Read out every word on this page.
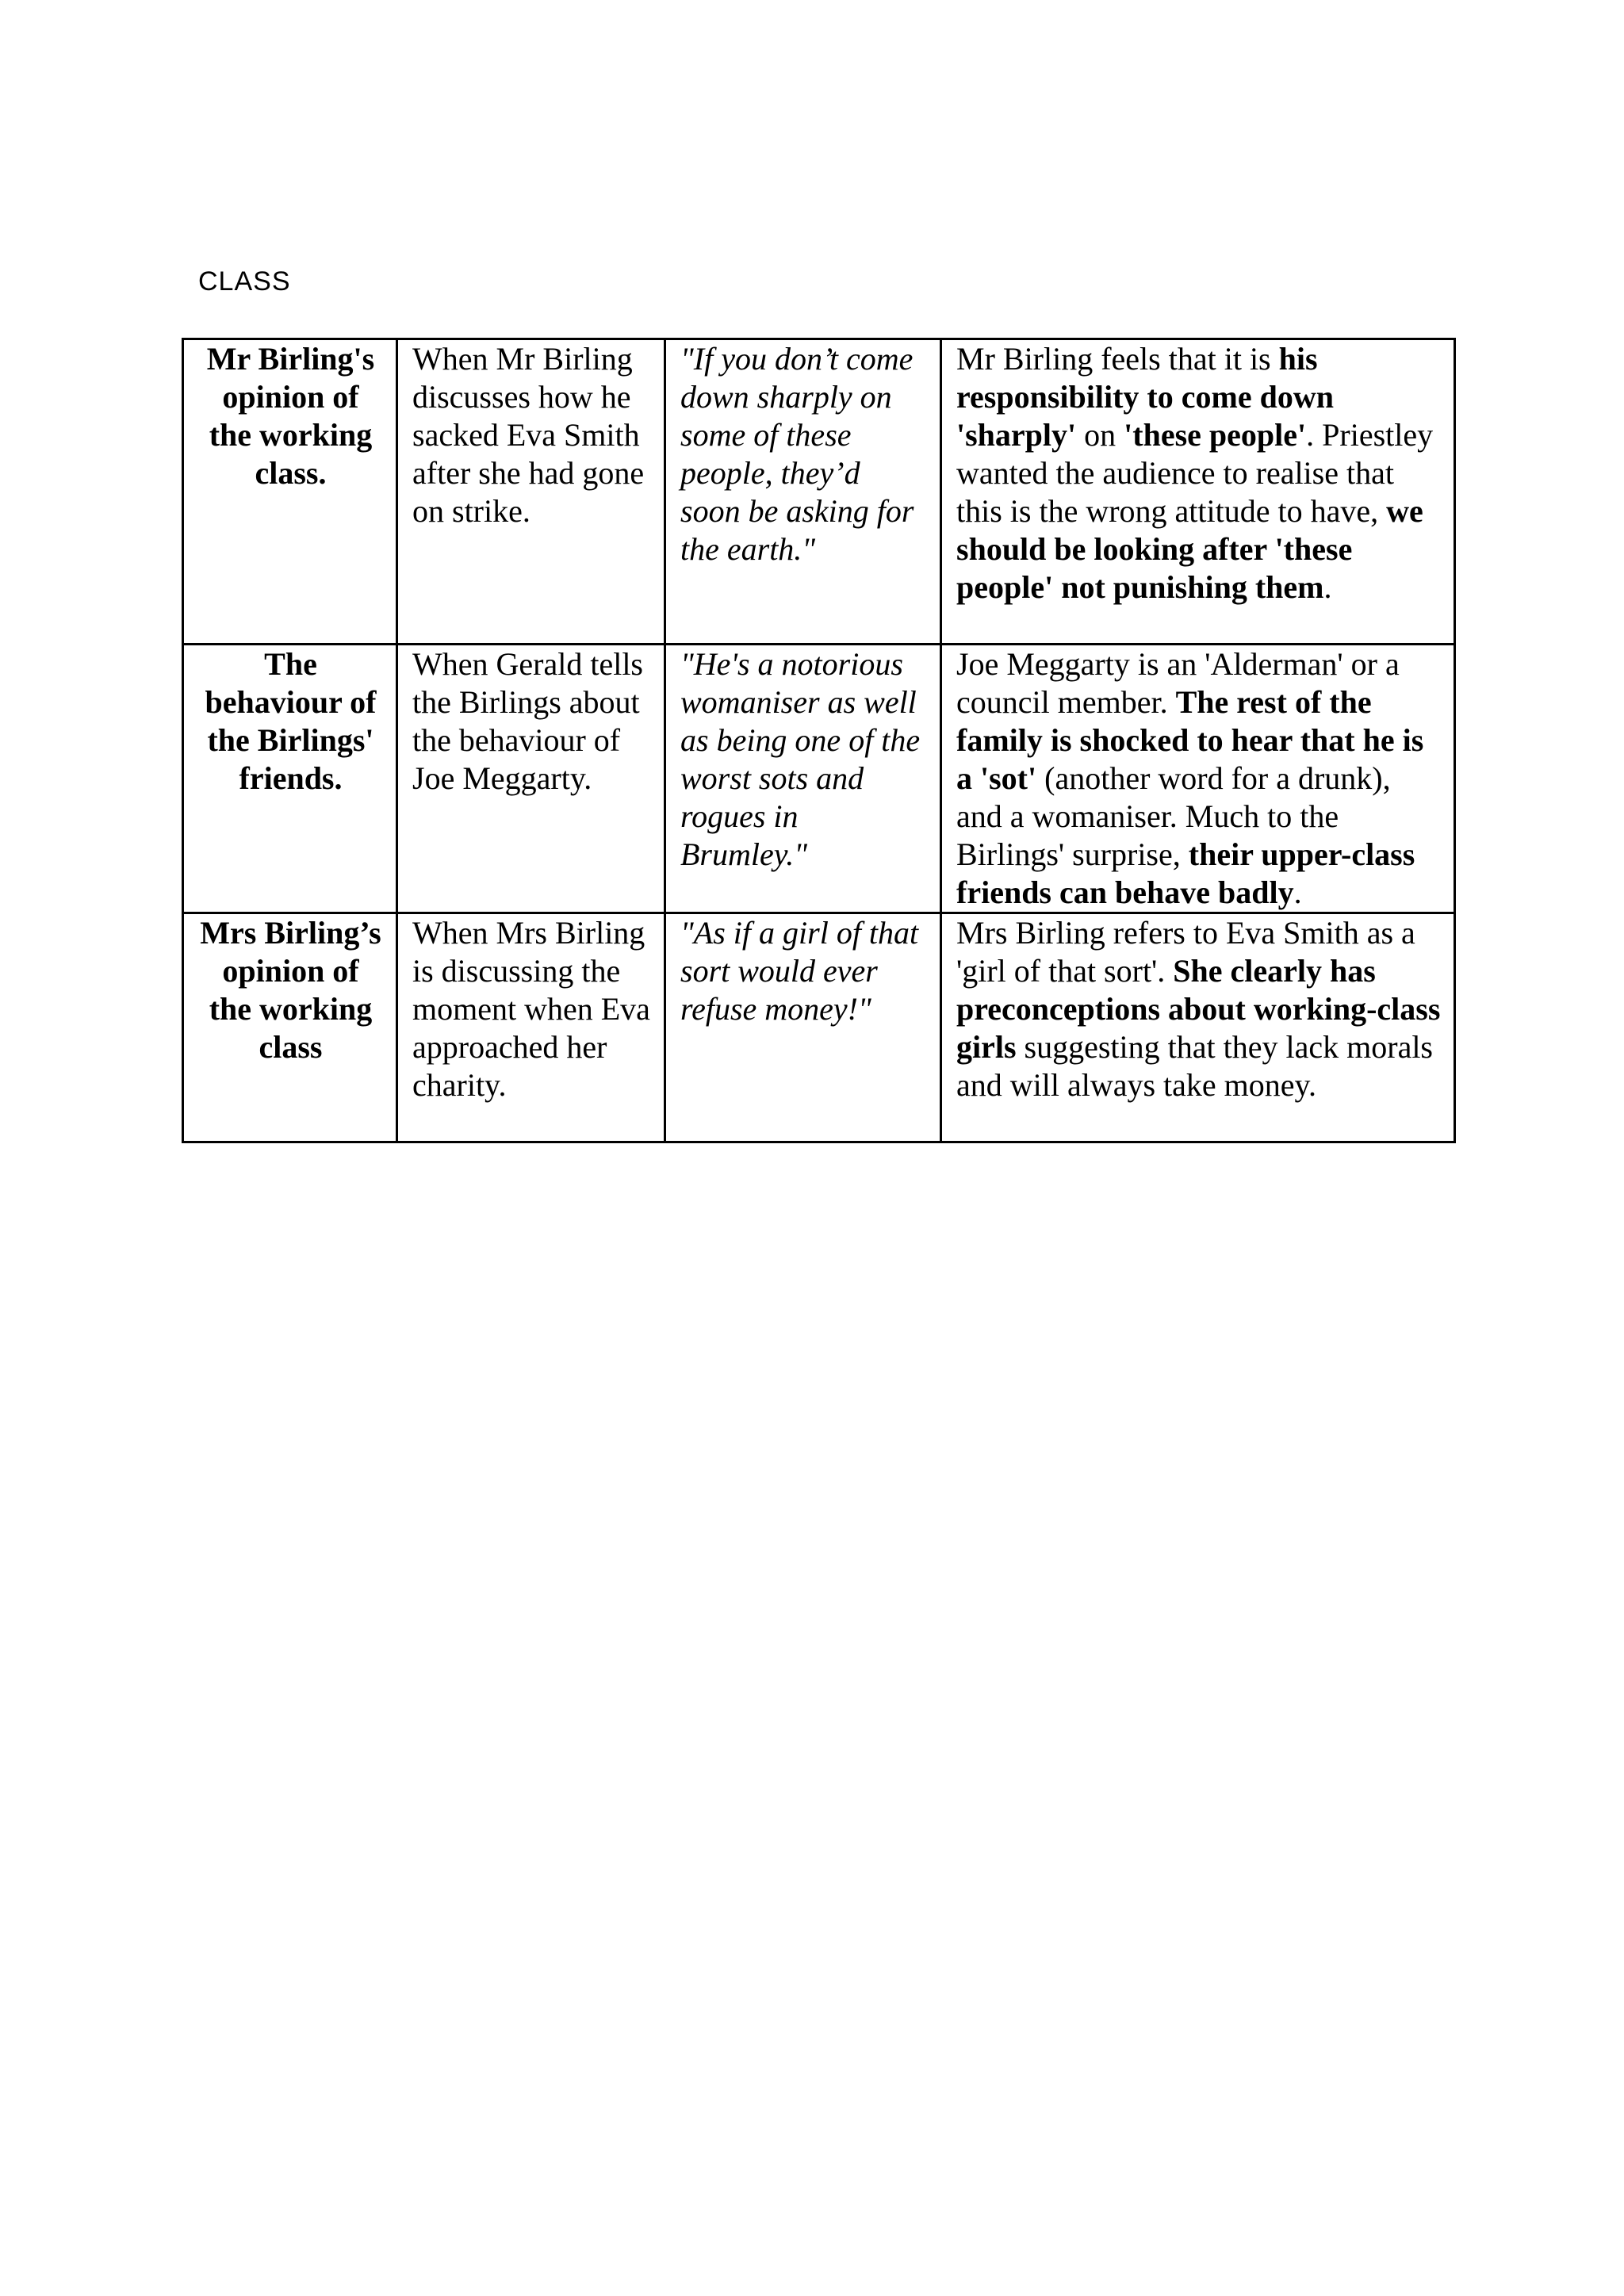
CLASS
Mr Birling's opinion of the working class.	When Mr Birling discusses how he sacked Eva Smith after she had gone on strike.	"If you don’t come down sharply on some of these people, they’d soon be asking for the earth."	Mr Birling feels that it is his responsibility to come down 'sharply' on 'these people'. Priestley wanted the audience to realise that this is the wrong attitude to have, we should be looking after 'these people' not punishing them.
The behaviour of the Birlings' friends.	When Gerald tells the Birlings about the behaviour of Joe Meggarty.	"He's a notorious womaniser as well as being one of the worst sots and rogues in Brumley."	Joe Meggarty is an 'Alderman' or a council member. The rest of the family is shocked to hear that he is a 'sot' (another word for a drunk), and a womaniser. Much to the Birlings' surprise, their upper-class friends can behave badly.
Mrs Birling’s opinion of the working class	When Mrs Birling is discussing the moment when Eva approached her charity.	"As if a girl of that sort would ever refuse money!"	Mrs Birling refers to Eva Smith as a 'girl of that sort'. She clearly has preconceptions about working-class girls suggesting that they lack morals and will always take money.
